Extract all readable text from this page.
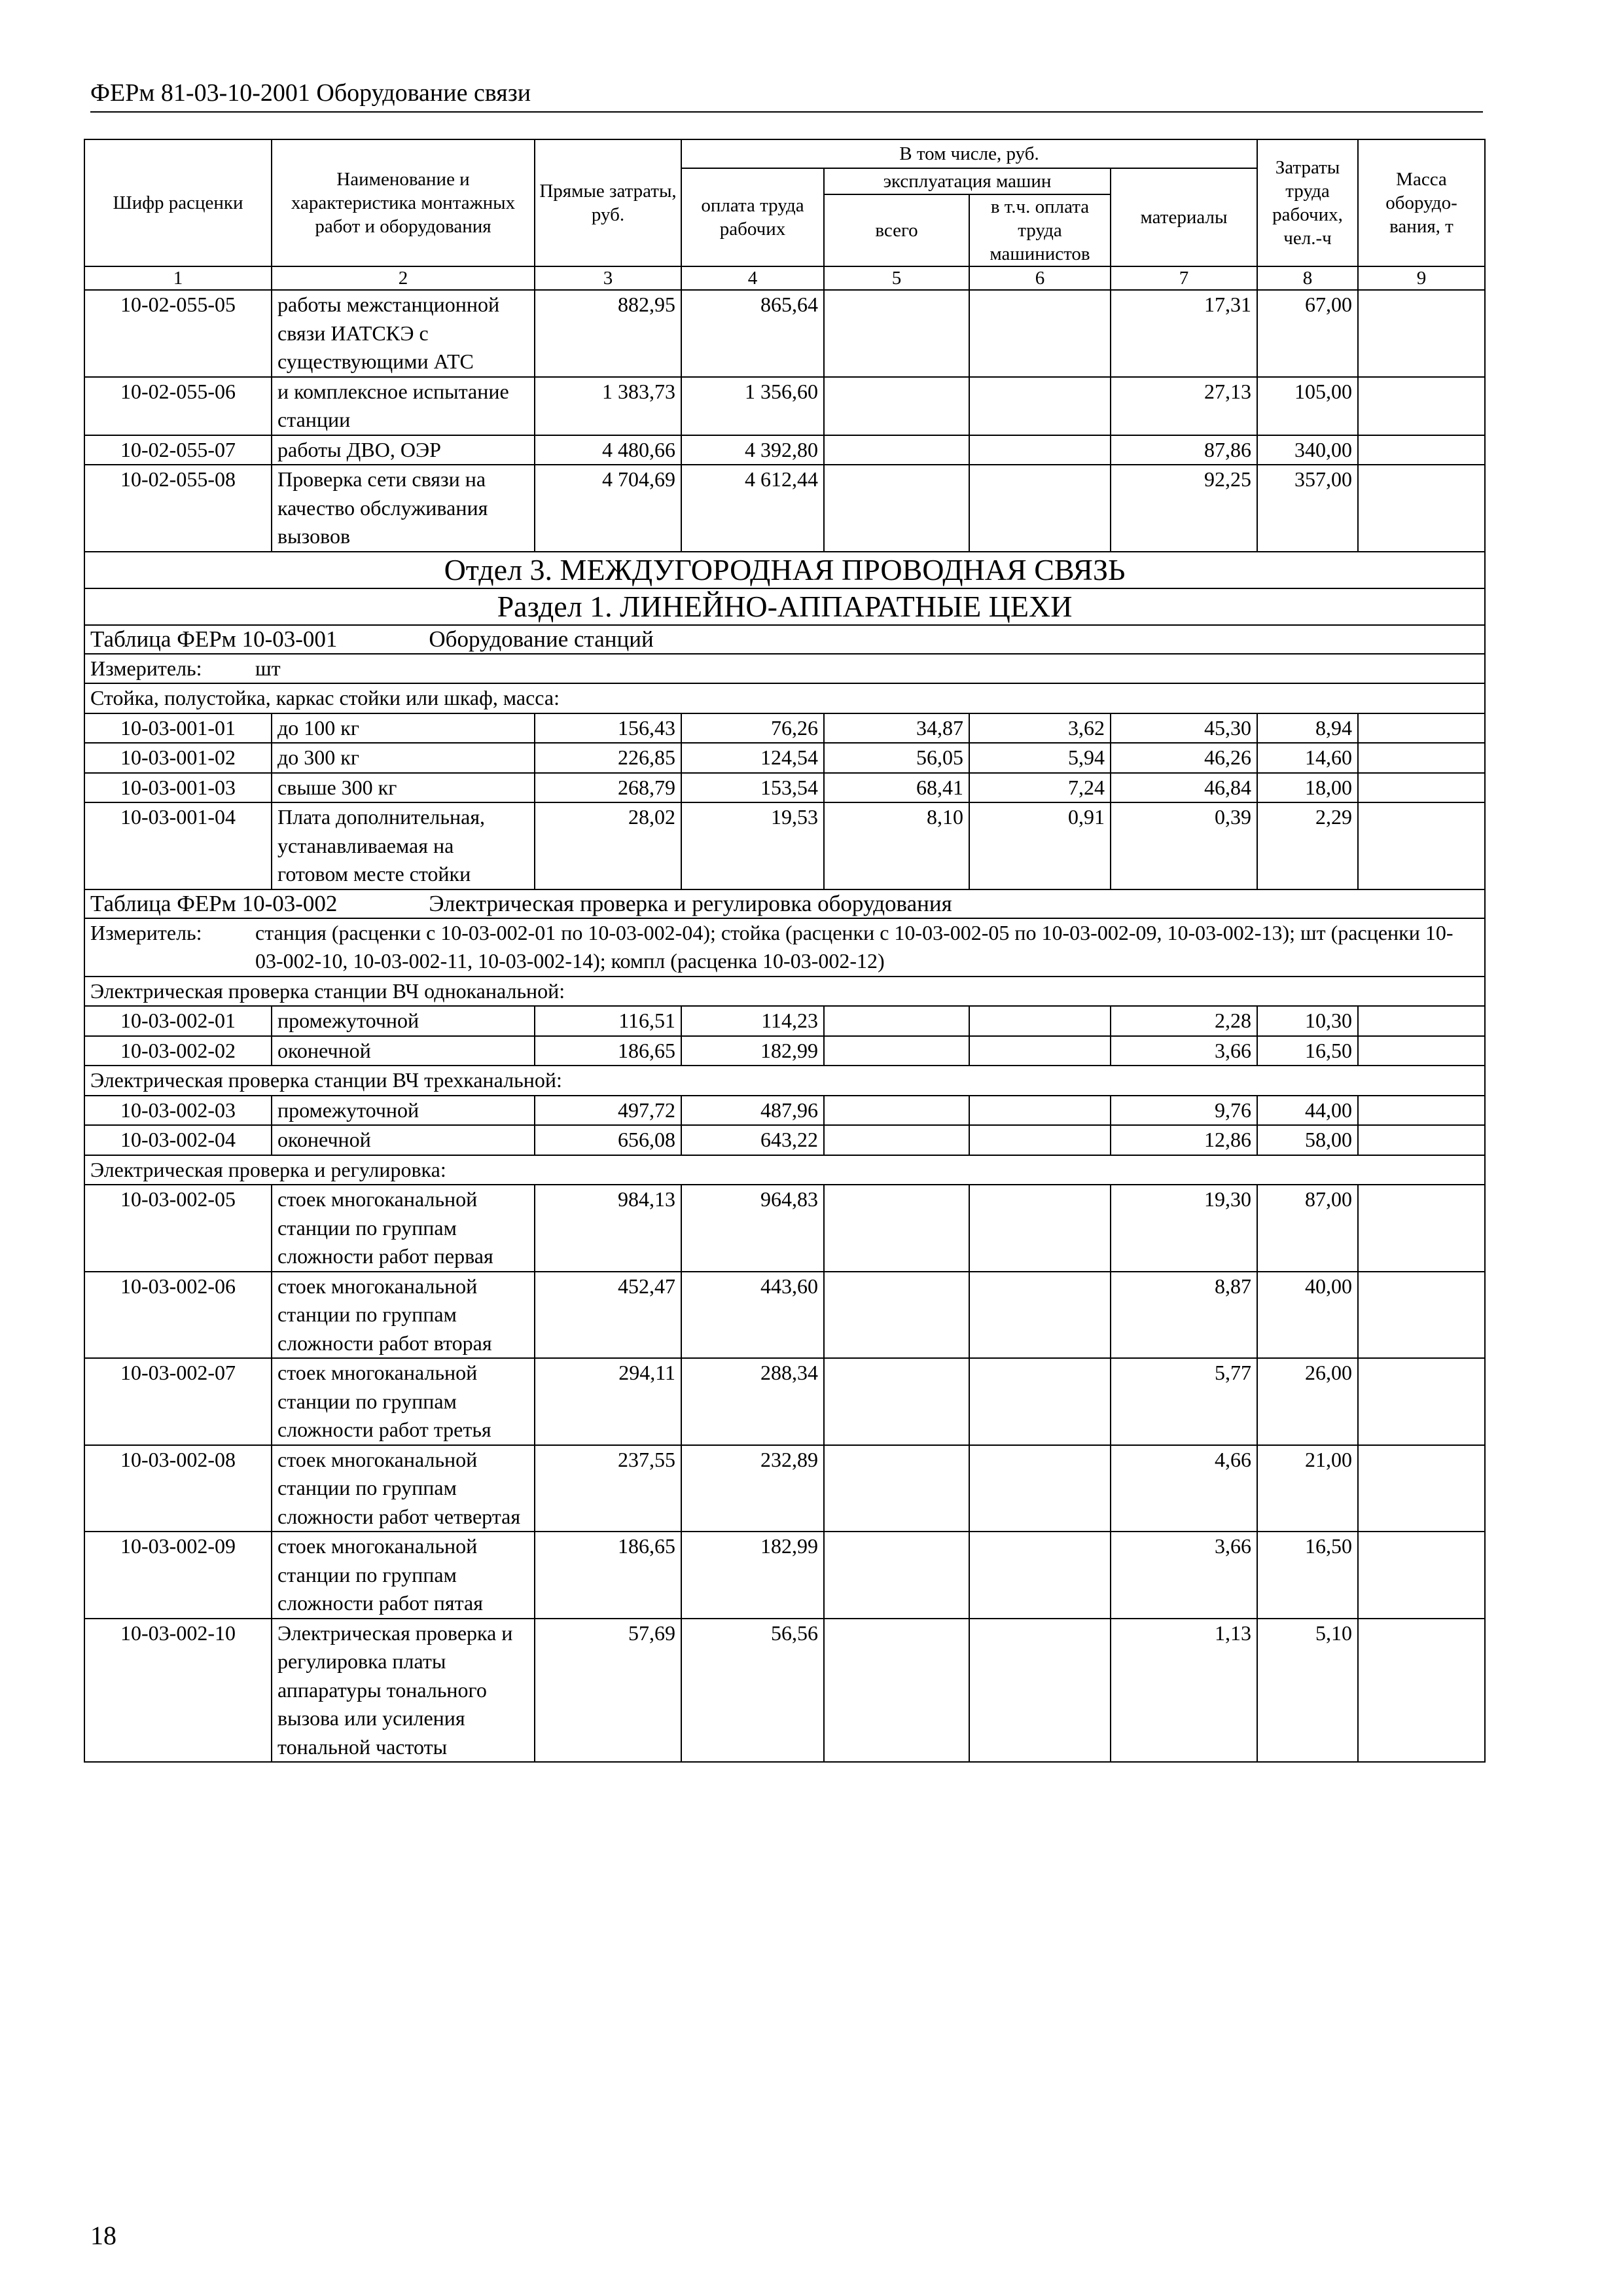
ФЕРм 81-03-10-2001 Оборудование связи
Шифр расценки	Наименование и характеристика монтажных работ и оборудования	Прямые затраты, руб.	В том числе, руб.				Затраты труда рабочих, чел.-ч	Масса оборудо-вания, т
			оплата труда рабочих	эксплуатация машин		материалы		
				всего	в т.ч. оплата труда машинистов			
1	2	3	4	5	6	7	8	9
10-02-055-05	работы межстанционной связи ИАТСКЭ с существующими АТС	882,95	865,64			17,31	67,00	
10-02-055-06	и комплексное испытание станции	1 383,73	1 356,60			27,13	105,00	
10-02-055-07	работы ДВО, ОЭР	4 480,66	4 392,80			87,86	340,00	
10-02-055-08	Проверка сети связи на качество обслуживания вызовов	4 704,69	4 612,44			92,25	357,00	
Отдел 3. МЕЖДУГОРОДНАЯ ПРОВОДНАЯ СВЯЗЬ								
Раздел 1. ЛИНЕЙНО-АППАРАТНЫЕ ЦЕХИ								
Таблица ФЕРм 10-03-001 Оборудование станций								
Измеритель: шт								
Стойка, полустойка, каркас стойки или шкаф, масса:								
10-03-001-01	до 100 кг	156,43	76,26	34,87	3,62	45,30	8,94	
10-03-001-02	до 300 кг	226,85	124,54	56,05	5,94	46,26	14,60	
10-03-001-03	свыше 300 кг	268,79	153,54	68,41	7,24	46,84	18,00	
10-03-001-04	Плата дополнительная, устанавливаемая на готовом месте стойки	28,02	19,53	8,10	0,91	0,39	2,29	
Таблица ФЕРм 10-03-002 Электрическая проверка и регулировка оборудования								

Измеритель: станция (расценки с 10-03-002-01 по 10-03-002-04); стойка (расценки с 10-03-002-05 по 10-03-002-09, 10-03-002-13); шт (расценки 10-03-002-10, 10-03-002-11, 10-03-002-14); компл (расценка 10-03-002-12)								

Электрическая проверка станции ВЧ одноканальной:								
10-03-002-01	промежуточной	116,51	114,23			2,28	10,30	
10-03-002-02	оконечной	186,65	182,99			3,66	16,50	
Электрическая проверка станции ВЧ трехканальной:								
10-03-002-03	промежуточной	497,72	487,96			9,76	44,00	
10-03-002-04	оконечной	656,08	643,22			12,86	58,00	
Электрическая проверка и регулировка:								
10-03-002-05	стоек многоканальной станции по группам сложности работ первая	984,13	964,83			19,30	87,00	
10-03-002-06	стоек многоканальной станции по группам сложности работ вторая	452,47	443,60			8,87	40,00	
10-03-002-07	стоек многоканальной станции по группам сложности работ третья	294,11	288,34			5,77	26,00	
10-03-002-08	стоек многоканальной станции по группам сложности работ четвертая	237,55	232,89			4,66	21,00	
10-03-002-09	стоек многоканальной станции по группам сложности работ пятая	186,65	182,99			3,66	16,50	
10-03-002-10	Электрическая проверка и регулировка платы аппаратуры тонального вызова или усиления тональной частоты	57,69	56,56			1,13	5,10	
18
